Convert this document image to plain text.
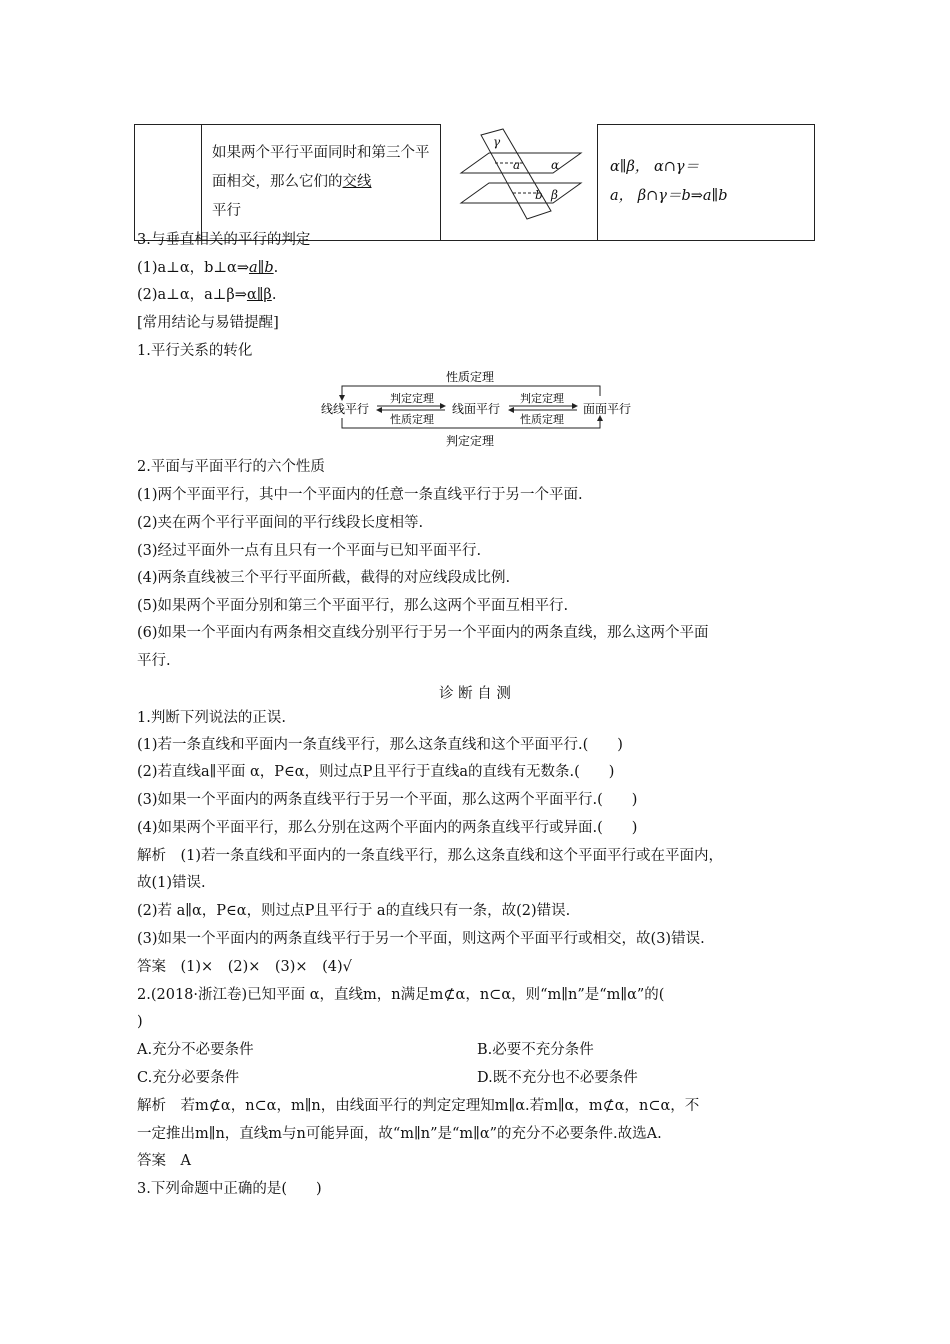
如果两个平行平面同时和第三个平面相交，那么它们的交线
平行

γ
α
a
b β

α∥β， α∩γ＝
a， β∩γ＝b⇒a∥b
3.与垂直相关的平行的判定
(1)a⊥α，b⊥α⇒a∥b.
(2)a⊥α，a⊥β⇒α∥β.
[常用结论与易错提醒]
1.平行关系的转化
性质定理
线线平行	线面平行	面面平行
判定定理
性质定理
判定定理
性质定理
判定定理
2.平面与平面平行的六个性质
(1)两个平面平行，其中一个平面内的任意一条直线平行于另一个平面.
(2)夹在两个平行平面间的平行线段长度相等.
(3)经过平面外一点有且只有一个平面与已知平面平行.
(4)两条直线被三个平行平面所截，截得的对应线段成比例.
(5)如果两个平面分别和第三个平面平行，那么这两个平面互相平行.
(6)如果一个平面内有两条相交直线分别平行于另一个平面内的两条直线，那么这两个平面
平行.
诊 断 自 测
1.判断下列说法的正误.
(1)若一条直线和平面内一条直线平行，那么这条直线和这个平面平行.(　　)
(2)若直线a∥平面 α，P∈α，则过点P且平行于直线a的直线有无数条.(　　)
(3)如果一个平面内的两条直线平行于另一个平面，那么这两个平面平行.(　　)
(4)如果两个平面平行，那么分别在这两个平面内的两条直线平行或异面.(　　)
解析　(1)若一条直线和平面内的一条直线平行，那么这条直线和这个平面平行或在平面内，
故(1)错误.
(2)若 a∥α，P∈α，则过点P且平行于 a的直线只有一条，故(2)错误.
(3)如果一个平面内的两条直线平行于另一个平面，则这两个平面平行或相交，故(3)错误.
答案　(1)×　(2)×　(3)×　(4)√
2.(2018·浙江卷)已知平面 α，直线m，n满足m⊄α，n⊂α，则“m∥n”是“m∥α”的(
)
A.充分不必要条件	B.必要不充分条件
C.充分必要条件	D.既不充分也不必要条件
解析　若m⊄α，n⊂α，m∥n，由线面平行的判定定理知m∥α.若m∥α，m⊄α，n⊂α，不
一定推出m∥n，直线m与n可能异面，故“m∥n”是“m∥α”的充分不必要条件.故选A.
答案　A
3.下列命题中正确的是(　　)
